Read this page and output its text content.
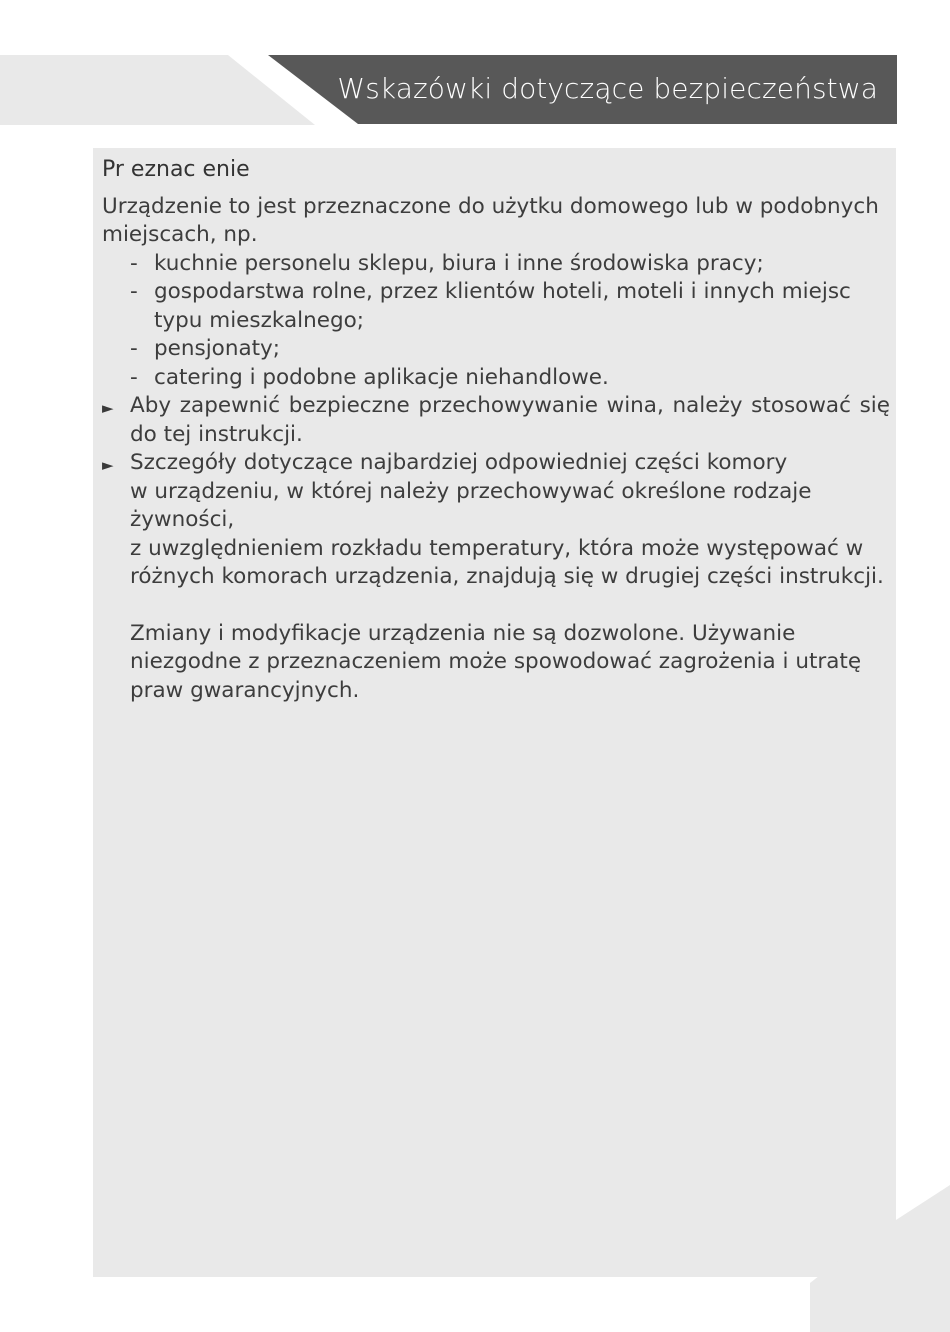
Wskazówki dotyczące bezpieczeństwa

Pr eznac enie

Urządzenie to jest przeznaczone do użytku domowego lub w podobnych miejscach, np.

- kuchnie personelu sklepu, biura i inne środowiska pracy;
- gospodarstwa rolne, przez klientów hoteli, moteli i innych miejsc typu mieszkalnego;
- pensjonaty;
- catering i podobne aplikacje niehandlowe.
► Aby zapewnić bezpieczne przechowywanie wina, należy stosować się do tej instrukcji.
► Szczegóły dotyczące najbardziej odpowiedniej części komory
w urządzeniu, w której należy przechowywać określone rodzaje żywności,
z uwzględnieniem rozkładu temperatury, która może występować w
różnych komorach urządzenia, znajdują się w drugiej części instrukcji.

Zmiany i modyfikacje urządzenia nie są dozwolone. Używanie niezgodne z przeznaczeniem może spowodować zagrożenia i utratę praw gwarancyjnych.
